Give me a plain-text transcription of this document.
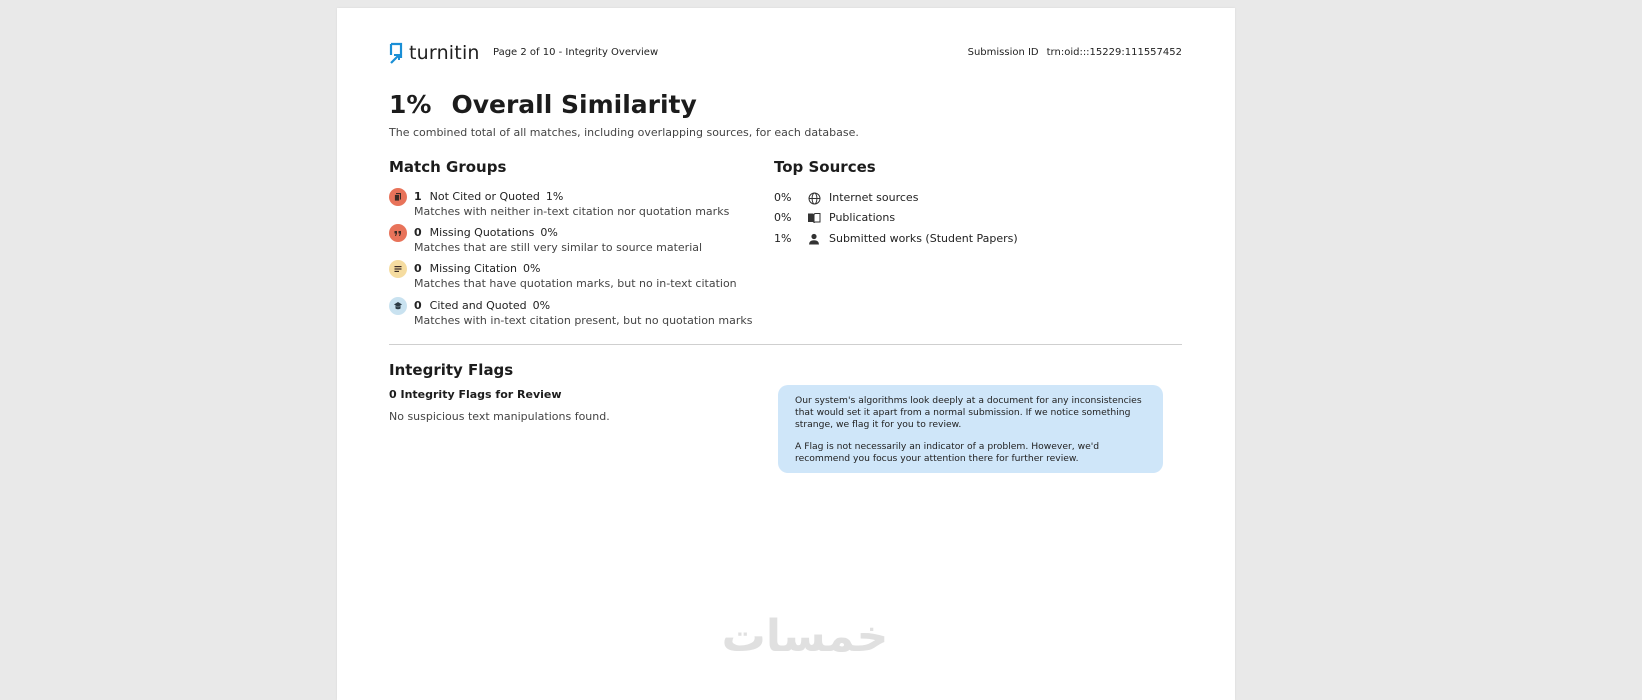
turnitin Page 2 of 10 - Integrity Overview	Submission ID trn:oid:::15229:111557452
1% Overall Similarity
The combined total of all matches, including overlapping sources, for each database.
Match Groups
1 Not Cited or Quoted 1%
Matches with neither in-text citation nor quotation marks
0 Missing Quotations 0%
Matches that are still very similar to source material
0 Missing Citation 0%
Matches that have quotation marks, but no in-text citation
0 Cited and Quoted 0%
Matches with in-text citation present, but no quotation marks
Top Sources
0%	Internet sources
0%	Publications
1%	Submitted works (Student Papers)
Integrity Flags
0 Integrity Flags for Review
No suspicious text manipulations found.

Our system's algorithms look deeply at a document for any inconsistencies that would set it apart from a normal submission. If we notice something strange, we flag it for you to review.

A Flag is not necessarily an indicator of a problem. However, we'd recommend you focus your attention there for further review.

خمسات
